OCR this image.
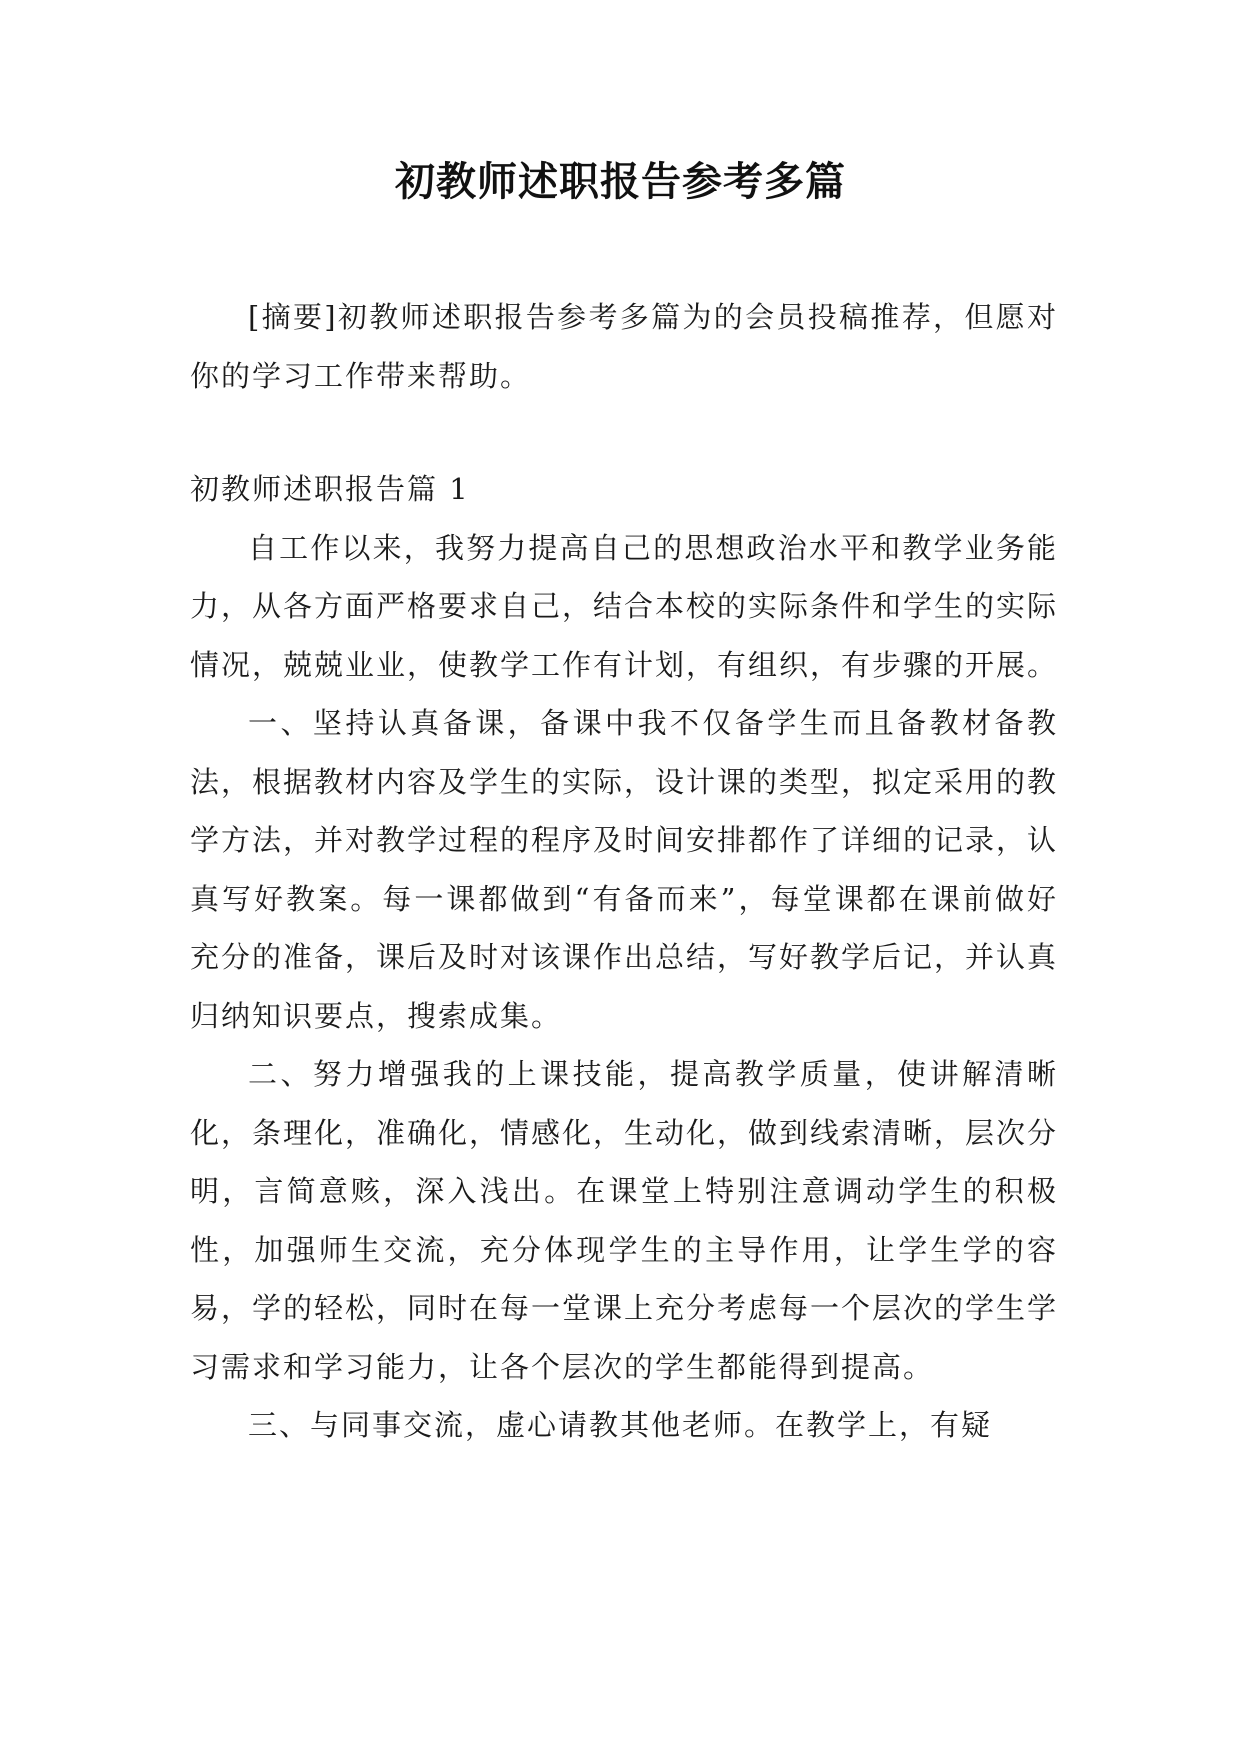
初教师述职报告参考多篇

[摘要]初教师述职报告参考多篇为的会员投稿推荐，但愿对你的学习工作带来帮助。

初教师述职报告篇 1

自工作以来，我努力提高自己的思想政治水平和教学业务能力，从各方面严格要求自己，结合本校的实际条件和学生的实际情况，兢兢业业，使教学工作有计划，有组织，有步骤的开展。

一、坚持认真备课，备课中我不仅备学生而且备教材备教法，根据教材内容及学生的实际，设计课的类型，拟定采用的教学方法，并对教学过程的程序及时间安排都作了详细的记录，认真写好教案。每一课都做到“有备而来”，每堂课都在课前做好充分的准备，课后及时对该课作出总结，写好教学后记，并认真归纳知识要点，搜索成集。

二、努力增强我的上课技能，提高教学质量，使讲解清晰化，条理化，准确化，情感化，生动化，做到线索清晰，层次分明，言简意赅，深入浅出。在课堂上特别注意调动学生的积极性，加强师生交流，充分体现学生的主导作用，让学生学的容易，学的轻松，同时在每一堂课上充分考虑每一个层次的学生学习需求和学习能力，让各个层次的学生都能得到提高。

三、与同事交流，虚心请教其他老师。在教学上，有疑
